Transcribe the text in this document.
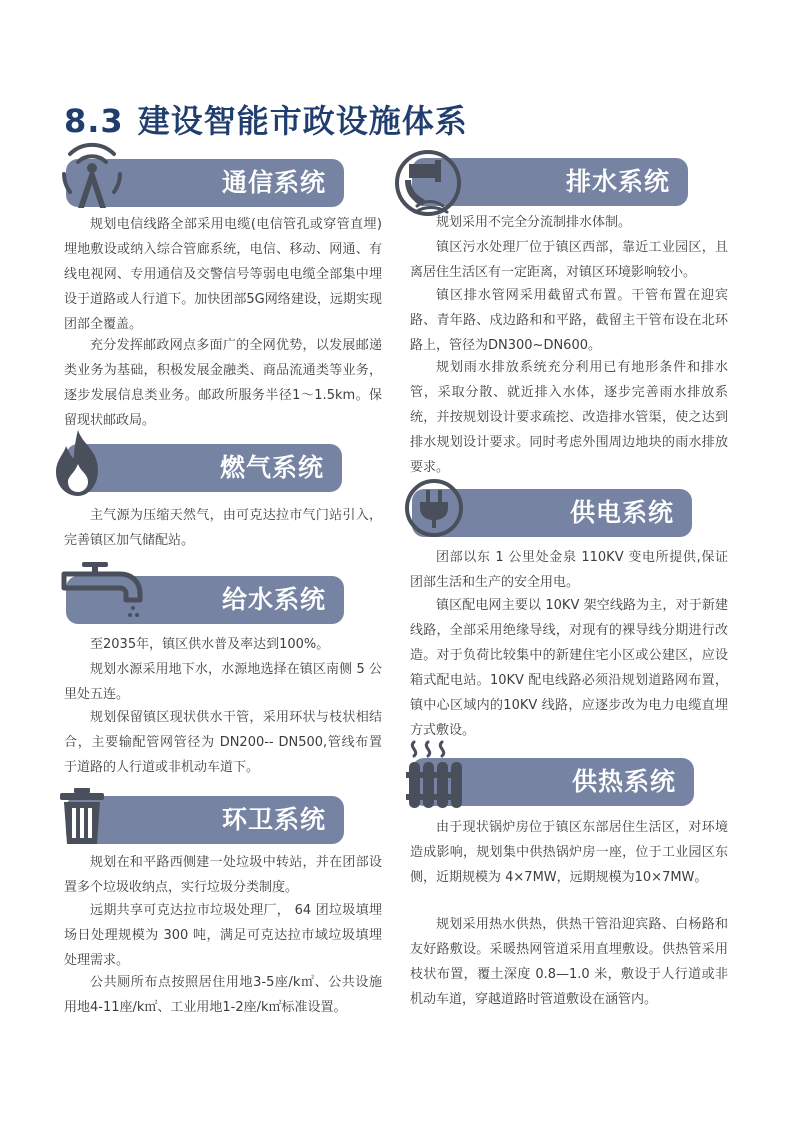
8.3 建设智能市政设施体系
通信系统

规划电信线路全部采用电缆(电信管孔或穿管直埋)埋地敷设或纳入综合管廊系统，电信、移动、网通、有线电视网、专用通信及交警信号等弱电电缆全部集中埋设于道路或人行道下。加快团部5G网络建设，远期实现团部全覆盖。

充分发挥邮政网点多面广的全网优势，以发展邮递类业务为基础，积极发展金融类、商品流通类等业务，逐步发展信息类业务。邮政所服务半径1～1.5km。保留现状邮政局。

燃气系统

主气源为压缩天然气，由可克达拉市气门站引入，完善镇区加气储配站。

给水系统

至2035年，镇区供水普及率达到100%。

规划水源采用地下水，水源地选择在镇区南侧 5 公里处五连。

规划保留镇区现状供水干管，采用环状与枝状相结合，主要输配管网管径为 DN200-- DN500,管线布置于道路的人行道或非机动车道下。

环卫系统

规划在和平路西侧建一处垃圾中转站，并在团部设置多个垃圾收纳点，实行垃圾分类制度。

远期共享可克达拉市垃圾处理厂， 64 团垃圾填埋场日处理规模为 300 吨，满足可克达拉市域垃圾填埋处理需求。

公共厕所布点按照居住用地3-5座/k㎡、公共设施用地4-11座/k㎡、工业用地1-2座/k㎡标准设置。

排水系统

规划采用不完全分流制排水体制。

镇区污水处理厂位于镇区西部，靠近工业园区，且离居住生活区有一定距离，对镇区环境影响较小。

镇区排水管网采用截留式布置。干管布置在迎宾路、青年路、戍边路和和平路，截留主干管布设在北环路上，管径为DN300~DN600。

规划雨水排放系统充分利用已有地形条件和排水管，采取分散、就近排入水体，逐步完善雨水排放系统，并按规划设计要求疏挖、改造排水管渠，使之达到排水规划设计要求。同时考虑外围周边地块的雨水排放要求。

供电系统

团部以东 1 公里处金泉 110KV 变电所提供,保证团部生活和生产的安全用电。

镇区配电网主要以 10KV 架空线路为主，对于新建线路，全部采用绝缘导线，对现有的裸导线分期进行改造。对于负荷比较集中的新建住宅小区或公建区，应设箱式配电站。10KV 配电线路必须沿规划道路网布置，镇中心区域内的10KV 线路，应逐步改为电力电缆直埋方式敷设。

供热系统

由于现状锅炉房位于镇区东部居住生活区，对环境造成影响，规划集中供热锅炉房一座，位于工业园区东侧，近期规模为 4×7MW，远期规模为10×7MW。

规划采用热水供热，供热干管沿迎宾路、白杨路和友好路敷设。采暖热网管道采用直埋敷设。供热管采用枝状布置，覆土深度 0.8—1.0 米，敷设于人行道或非机动车道，穿越道路时管道敷设在涵管内。
